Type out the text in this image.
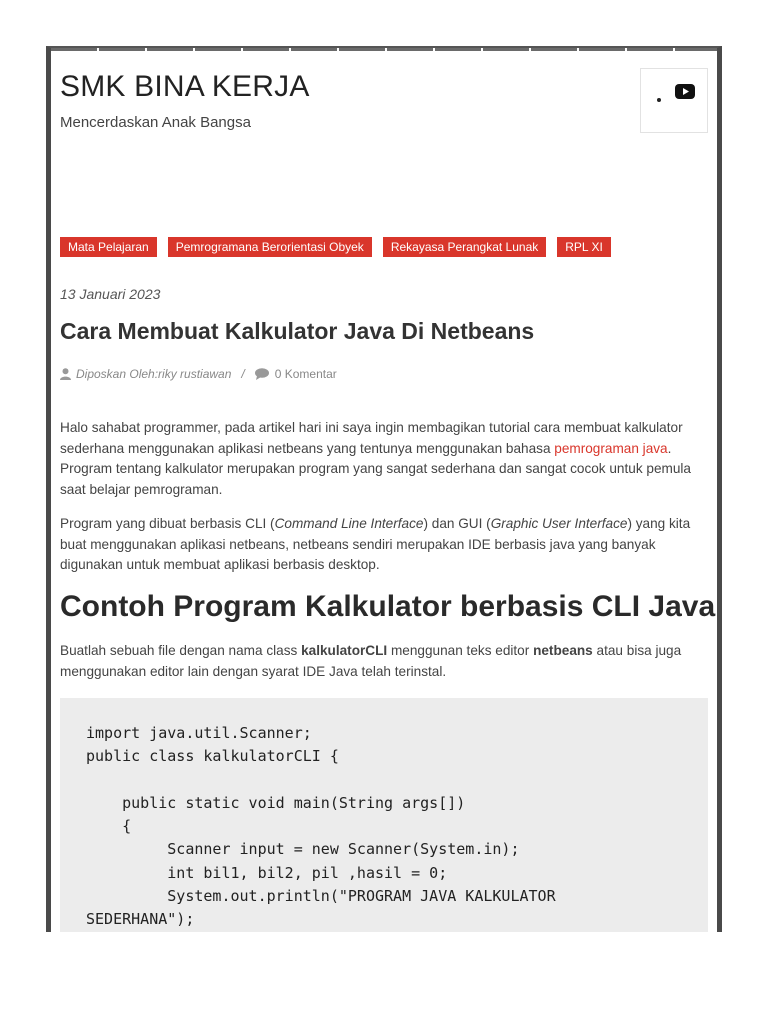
SMK BINA KERJA
Mencerdaskan Anak Bangsa
Mata Pelajaran	Pemrogramana Berorientasi Obyek	Rekayasa Perangkat Lunak	RPL XI
13 Januari 2023
Cara Membuat Kalkulator Java Di Netbeans
Diposkan Oleh:riky rustiawan /	0 Komentar

Halo sahabat programmer, pada artikel hari ini saya ingin membagikan tutorial cara membuat kalkulator sederhana menggunakan aplikasi netbeans yang tentunya menggunakan bahasa pemrograman java. Program tentang kalkulator merupakan program yang sangat sederhana dan sangat cocok untuk pemula saat belajar pemrograman.

Program yang dibuat berbasis CLI (Command Line Interface) dan GUI (Graphic User Interface) yang kita buat menggunakan aplikasi netbeans, netbeans sendiri merupakan IDE berbasis java yang banyak digunakan untuk membuat aplikasi berbasis desktop.

Contoh Program Kalkulator berbasis CLI Java

Buatlah sebuah file dengan nama class kalkulatorCLI menggunan teks editor netbeans atau bisa juga menggunakan editor lain dengan syarat IDE Java telah terinstal.

import java.util.Scanner;
public class kalkulatorCLI {

public static void main(String args[])
{
Scanner input = new Scanner(System.in);
int bil1, bil2, pil ,hasil = 0;
System.out.println("PROGRAM JAVA KALKULATOR
SEDERHANA");
